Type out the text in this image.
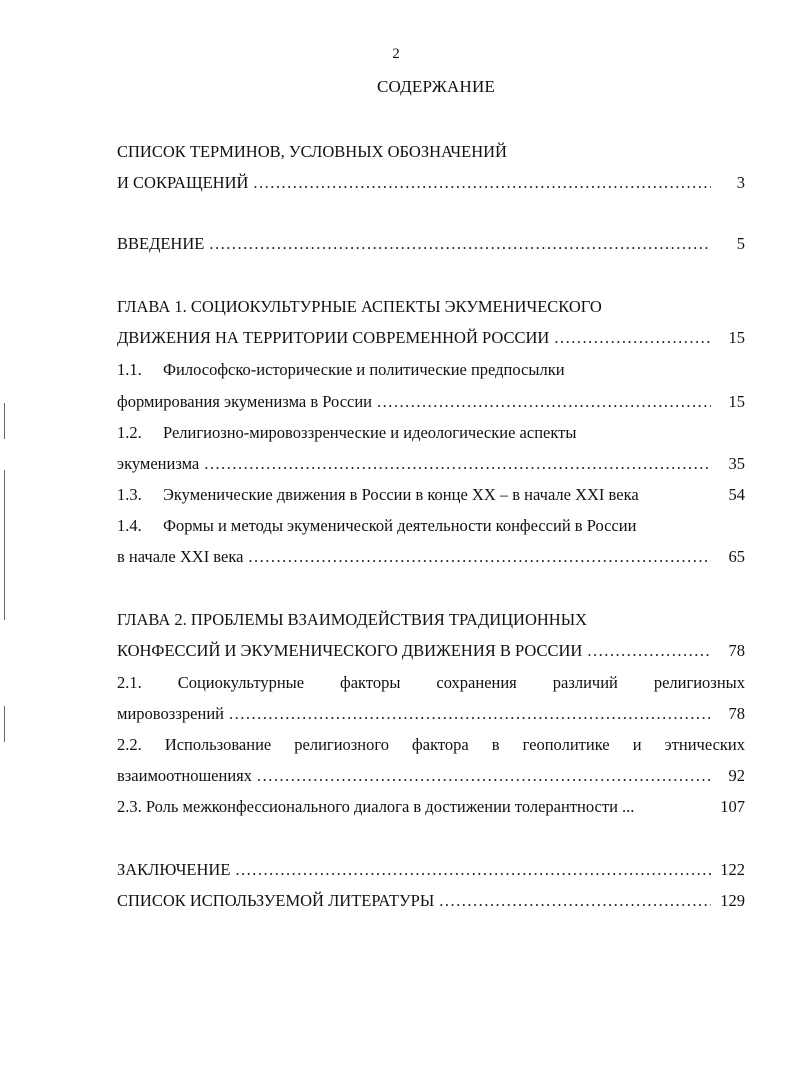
2
СОДЕРЖАНИЕ
СПИСОК ТЕРМИНОВ, УСЛОВНЫХ ОБОЗНАЧЕНИЙ
И СОКРАЩЕНИЙ .....	3
ВВЕДЕНИЕ .....	5
ГЛАВА 1. СОЦИОКУЛЬТУРНЫЕ АСПЕКТЫ ЭКУМЕНИЧЕСКОГО
ДВИЖЕНИЯ НА ТЕРРИТОРИИ СОВРЕМЕННОЙ РОССИИ .....	15
1.1. Философско-исторические и политические предпосылки
формирования экуменизма в России .....	15
1.2. Религиозно-мировоззренческие и идеологические аспекты
экуменизма .....	35
1.3. Экуменические движения в России в конце XX – в начале XXI века	54
1.4. Формы и методы экуменической деятельности конфессий в России
в начале XXI века .....	65
ГЛАВА 2. ПРОБЛЕМЫ ВЗАИМОДЕЙСТВИЯ ТРАДИЦИОННЫХ
КОНФЕССИЙ И ЭКУМЕНИЧЕСКОГО ДВИЖЕНИЯ В РОССИИ .....	78
2.1. Социокультурные факторы сохранения различий религиозных
мировоззрений .....	78
2.2. Использование религиозного фактора в геополитике и этнических
взаимоотношениях .....	92
2.3. Роль межконфессионального диалога в достижении толерантности ...	107
ЗАКЛЮЧЕНИЕ .....	122
СПИСОК ИСПОЛЬЗУЕМОЙ ЛИТЕРАТУРЫ .....	129
